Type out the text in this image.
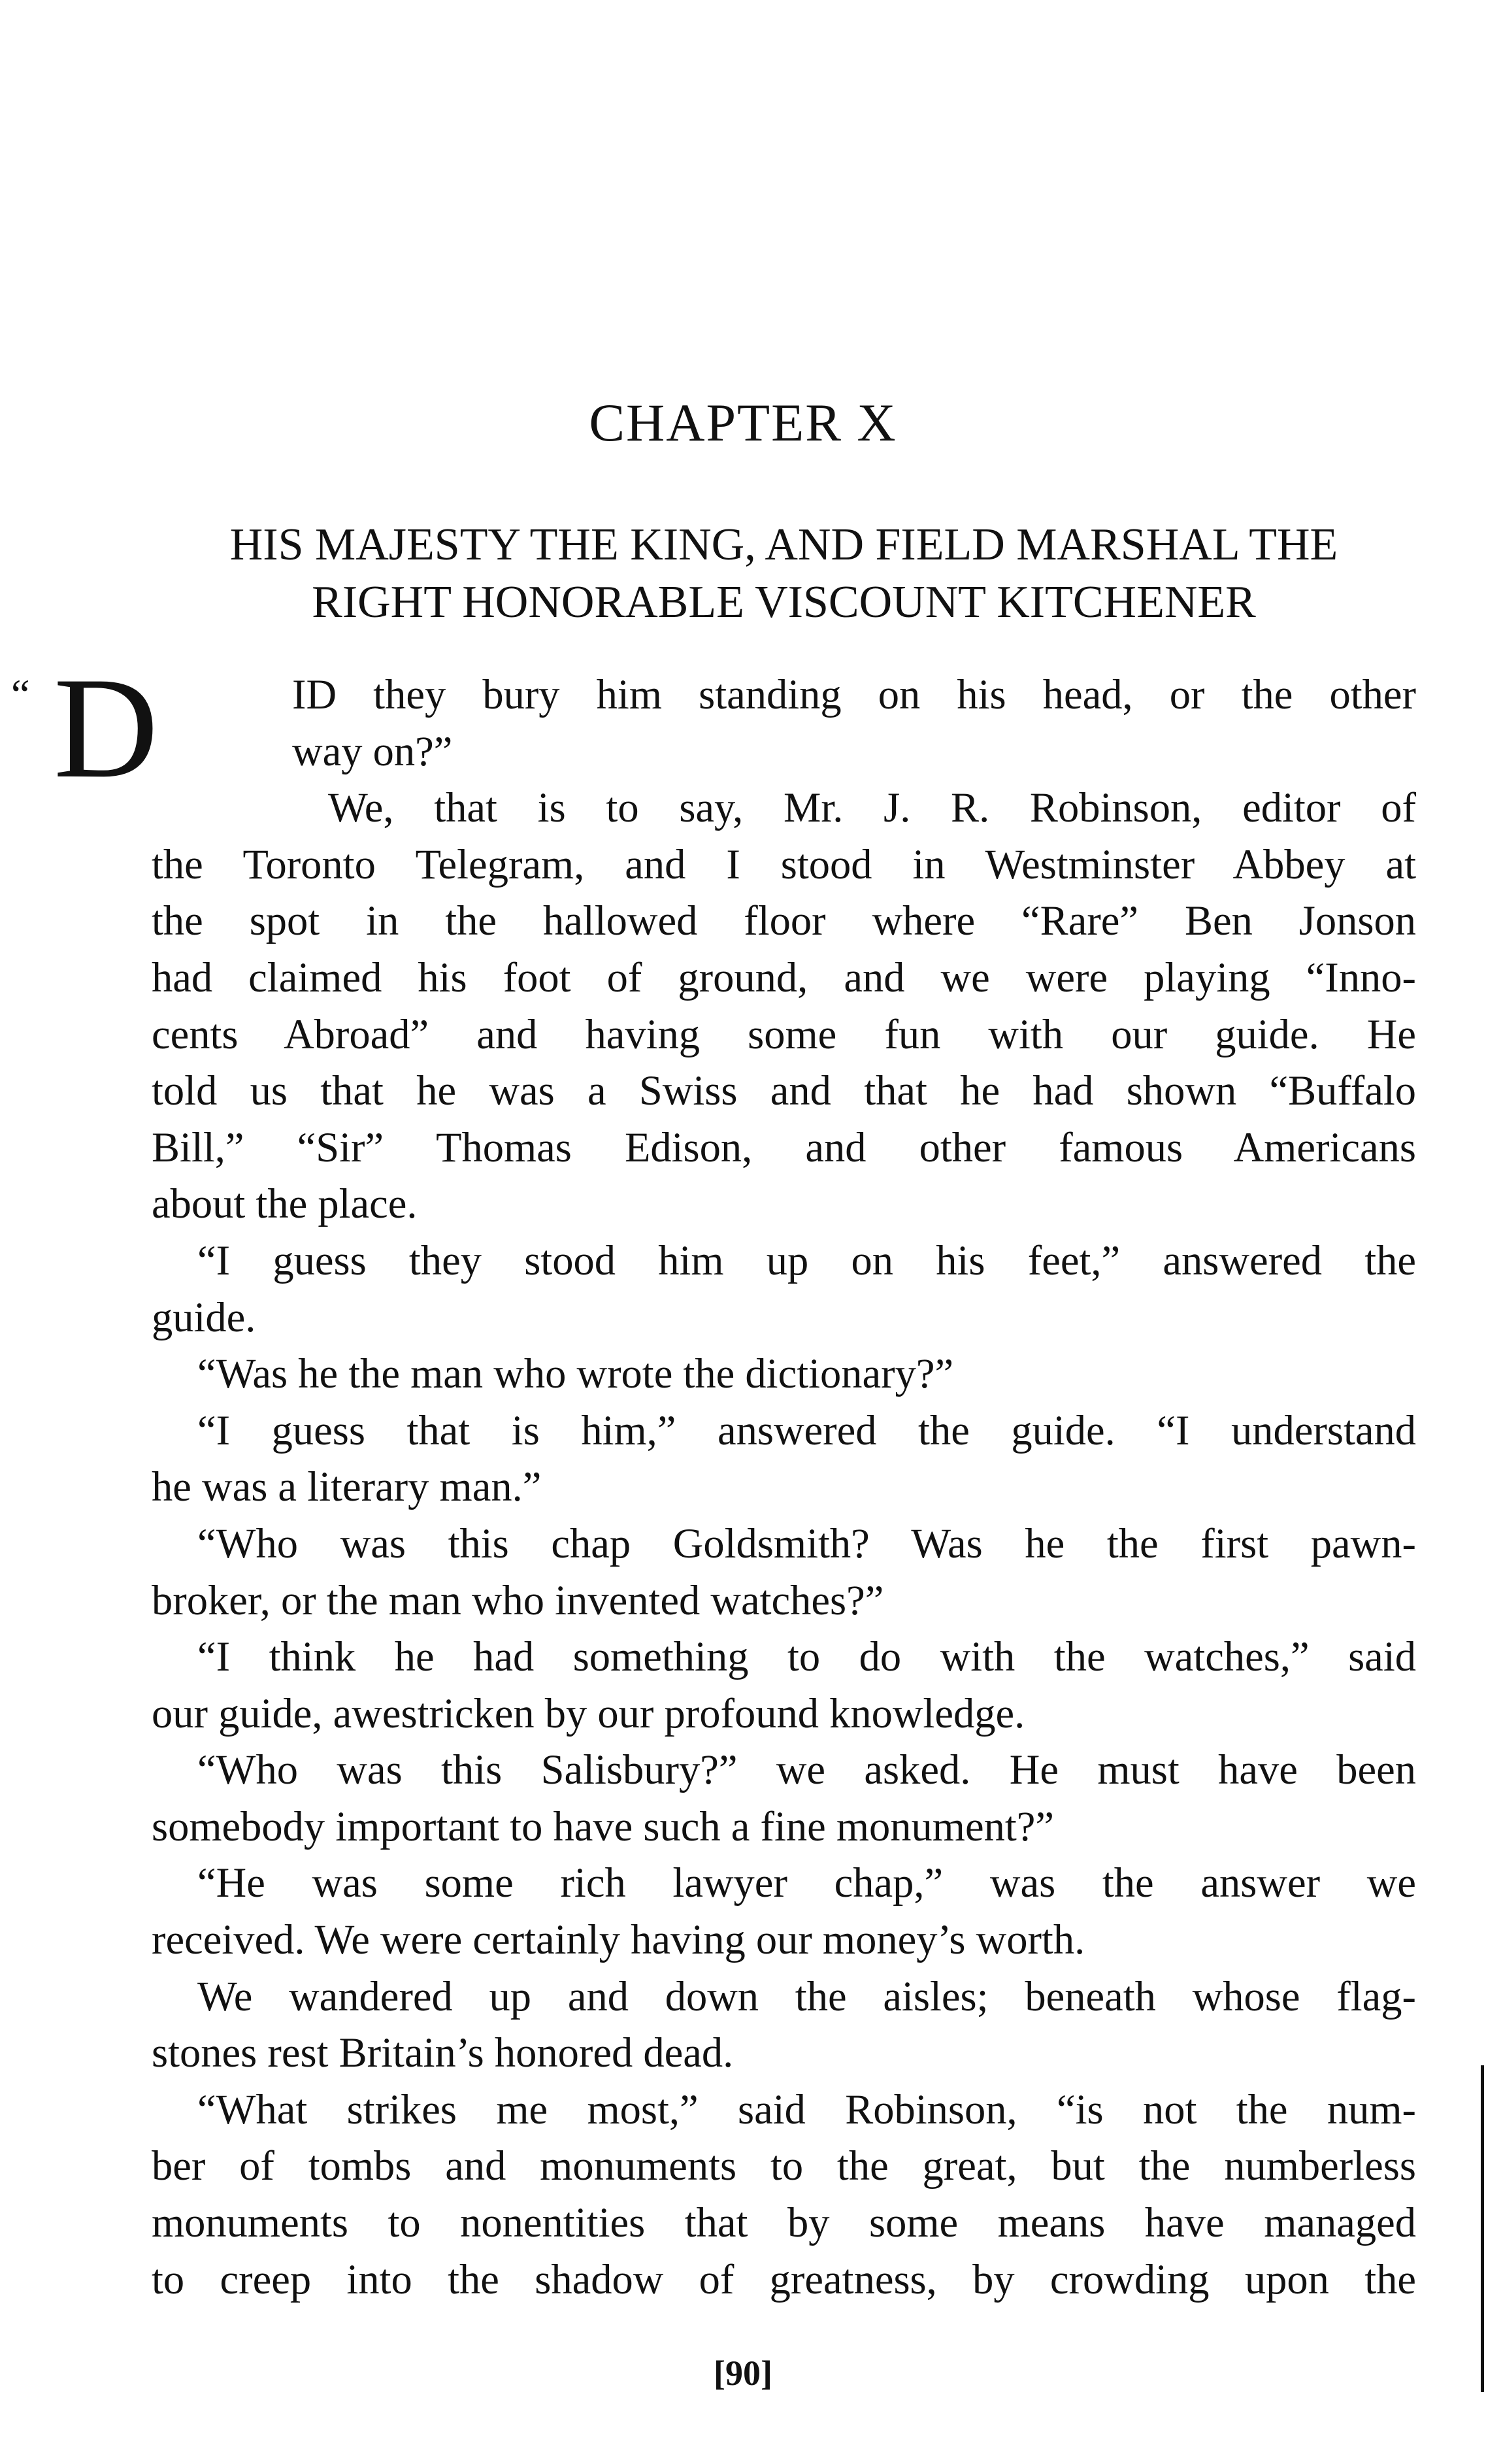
CHAPTER X
HIS MAJESTY THE KING, AND FIELD MARSHAL THE
RIGHT HONORABLE VISCOUNT KITCHENER
“ D	ID they bury him standing on his head, or the other
way on?”
We, that is to say, Mr. J. R. Robinson, editor of
the Toronto Telegram, and I stood in Westminster Abbey at
the spot in the hallowed floor where “Rare” Ben Jonson
had claimed his foot of ground, and we were playing “Inno-
cents Abroad” and having some fun with our guide. He
told us that he was a Swiss and that he had shown “Buffalo
Bill,” “Sir” Thomas Edison, and other famous Americans
about the place.
“I guess they stood him up on his feet,” answered the
guide.
“Was he the man who wrote the dictionary?”
“I guess that is him,” answered the guide. “I understand
he was a literary man.”
“Who was this chap Goldsmith? Was he the first pawn-
broker, or the man who invented watches?”
“I think he had something to do with the watches,” said
our guide, awestricken by our profound knowledge.
“Who was this Salisbury?” we asked. He must have been
somebody important to have such a fine monument?”
“He was some rich lawyer chap,” was the answer we
received. We were certainly having our money’s worth.
We wandered up and down the aisles; beneath whose flag-
stones rest Britain’s honored dead.
“What strikes me most,” said Robinson, “is not the num-
ber of tombs and monuments to the great, but the numberless
monuments to nonentities that by some means have managed
to creep into the shadow of greatness, by crowding upon the
[90]
